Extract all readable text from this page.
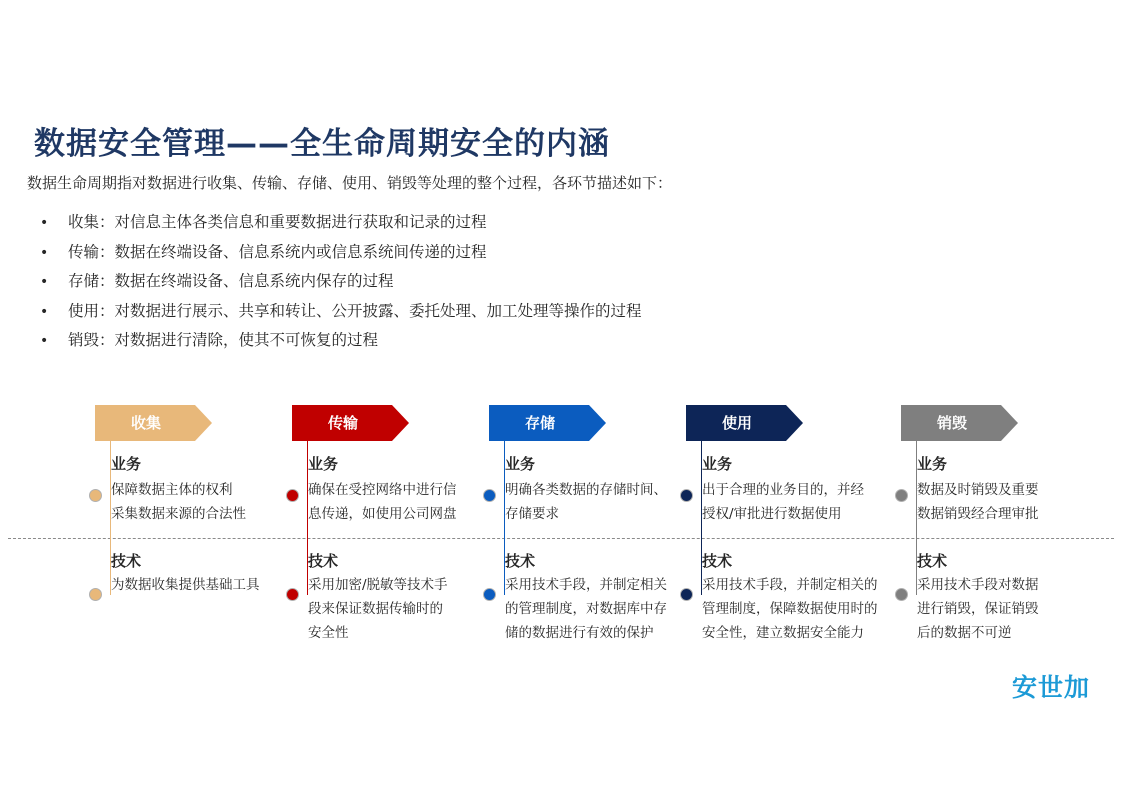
数据安全管理——全生命周期安全的内涵
数据生命周期指对数据进行收集、传输、存储、使用、销毁等处理的整个过程，各环节描述如下：
• 收集：对信息主体各类信息和重要数据进行获取和记录的过程
• 传输：数据在终端设备、信息系统内或信息系统间传递的过程
• 存储：数据在终端设备、信息系统内保存的过程
• 使用：对数据进行展示、共享和转让、公开披露、委托处理、加工处理等操作的过程
• 销毁：对数据进行清除，使其不可恢复的过程
收集
业务
保障数据主体的权利
采集数据来源的合法性
技术
为数据收集提供基础工具
传输
业务
确保在受控网络中进行信
息传递，如使用公司网盘
技术
采用加密/脱敏等技术手
段来保证数据传输时的
安全性
存储
业务
明确各类数据的存储时间、
存储要求
技术
采用技术手段，并制定相关
的管理制度，对数据库中存
储的数据进行有效的保护
使用
业务
出于合理的业务目的，并经
授权/审批进行数据使用
技术
采用技术手段，并制定相关的
管理制度，保障数据使用时的
安全性，建立数据安全能力
销毁
业务
数据及时销毁及重要
数据销毁经合理审批
技术
采用技术手段对数据
进行销毁，保证销毁
后的数据不可逆
安世加
